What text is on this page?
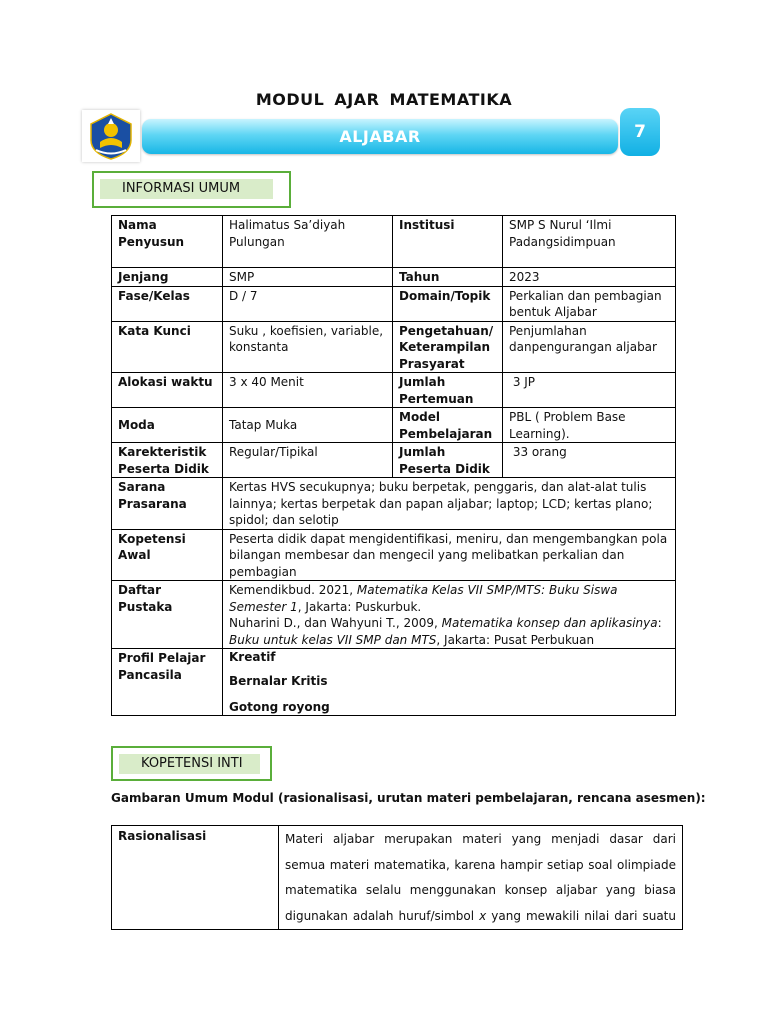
MODUL AJAR MATEMATIKA
ALJABAR	7
INFORMASI UMUM
Nama Penyusun	Halimatus Sa’diyah Pulungan	Institusi	SMP S Nurul ‘Ilmi Padangsidimpuan
Jenjang	SMP	Tahun	2023
Fase/Kelas	D / 7	Domain/Topik	Perkalian dan pembagian bentuk Aljabar
Kata Kunci	Suku , koefisien, variable, konstanta	Pengetahuan/ Keterampilan Prasyarat	Penjumlahan danpengurangan aljabar
Alokasi waktu	3 x 40 Menit	Jumlah Pertemuan	3 JP
Moda	Tatap Muka	Model Pembelajaran	PBL ( Problem Base Learning).
Karekteristik Peserta Didik	Regular/Tipikal	Jumlah Peserta Didik	33 orang
Sarana Prasarana	Kertas HVS secukupnya; buku berpetak, penggaris, dan alat-alat tulis lainnya; kertas berpetak dan papan aljabar; laptop; LCD; kertas plano; spidol; dan selotip		
Kopetensi Awal	Peserta didik dapat mengidentifikasi, meniru, dan mengembangkan pola bilangan membesar dan mengecil yang melibatkan perkalian dan pembagian		
Daftar Pustaka	Kemendikbud. 2021, Matematika Kelas VII SMP/MTS: Buku Siswa Semester 1, Jakarta: Puskurbuk.
Nuharini D., dan Wahyuni T., 2009, Matematika konsep dan aplikasinya: Buku untuk kelas VII SMP dan MTS, Jakarta: Pusat Perbukuan		

Profil Pelajar Pancasila	Kreatif
Bernalar Kritis
Gotong royong		
KOPETENSI INTI
Gambaran Umum Modul (rasionalisasi, urutan materi pembelajaran, rencana asesmen):
Rasionalisasi	Materi aljabar merupakan materi yang menjadi dasar dari semua materi matematika, karena hampir setiap soal olimpiade matematika selalu menggunakan konsep aljabar yang biasa digunakan adalah huruf/simbol x yang mewakili nilai dari suatu
